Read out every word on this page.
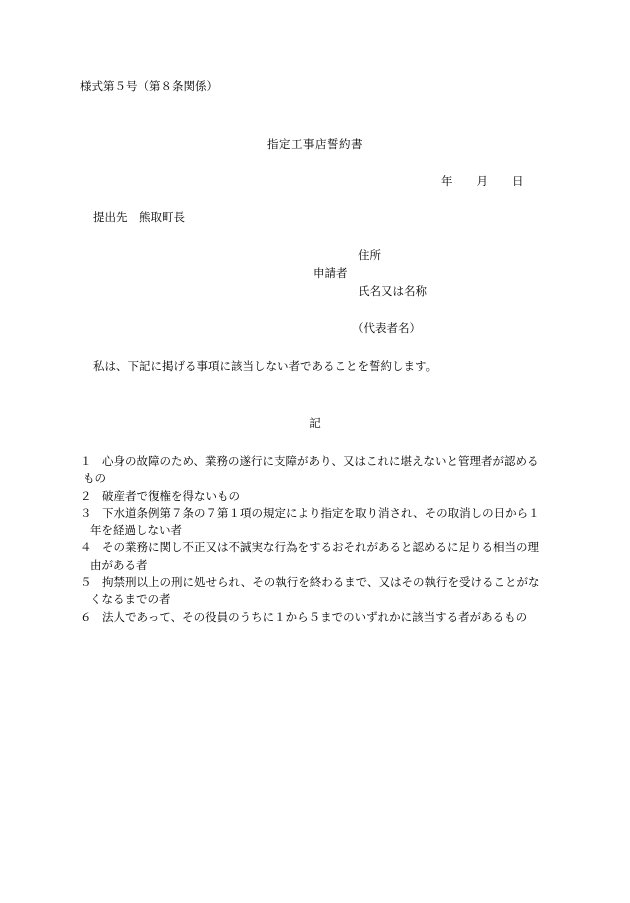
様式第５号（第８条関係）
指定工事店誓約書
年 月 日
提出先　熊取町長
住所
申請者
氏名又は名称
（代表者名）
私は、下記に掲げる事項に該当しない者であることを誓約します。
記
１ 心身の故障のため、業務の遂行に支障があり、又はこれに堪えないと管理者が認める
もの
２ 破産者で復権を得ないもの
３ 下水道条例第７条の７第１項の規定により指定を取り消され、その取消しの日から１
年を経過しない者
４ その業務に関し不正又は不誠実な行為をするおそれがあると認めるに足りる相当の理
由がある者
５ 拘禁刑以上の刑に処せられ、その執行を終わるまで、又はその執行を受けることがな
くなるまでの者
６ 法人であって、その役員のうちに１から５までのいずれかに該当する者があるもの
